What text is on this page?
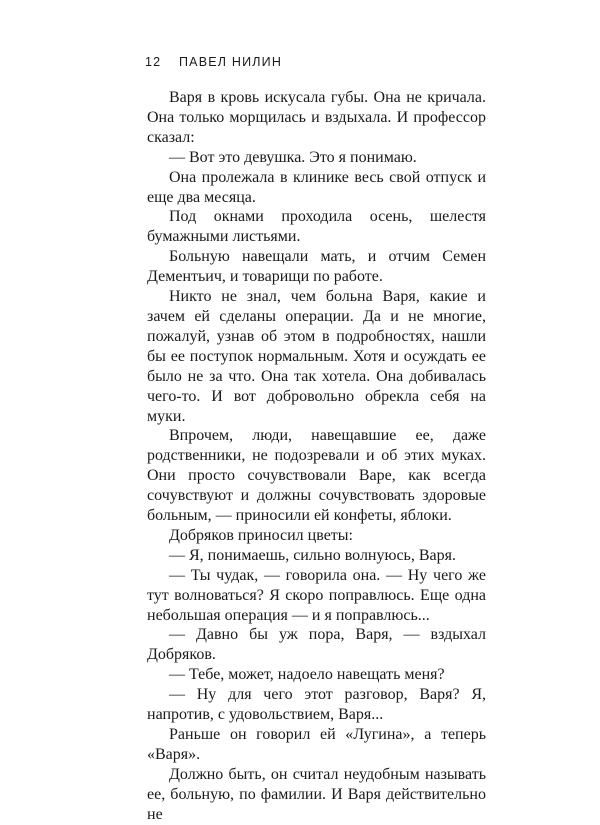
12 ПАВЕЛ НИЛИН

Варя в кровь искусала губы. Она не кричала. Она только морщилась и вздыхала. И профессор сказал:

— Вот это девушка. Это я понимаю.

Она пролежала в клинике весь свой отпуск и еще два месяца.

Под окнами проходила осень, шелестя бумажными листьями.

Больную навещали мать, и отчим Семен Дементьич, и товарищи по работе.

Никто не знал, чем больна Варя, какие и зачем ей сделаны операции. Да и не многие, пожалуй, узнав об этом в подробностях, нашли бы ее поступок нормальным. Хотя и осуждать ее было не за что. Она так хотела. Она добивалась чего-то. И вот добровольно обрекла себя на муки.

Впрочем, люди, навещавшие ее, даже родственники, не подозревали и об этих муках. Они просто сочувствовали Варе, как всегда сочувствуют и должны сочувствовать здоровые больным, — приносили ей конфеты, яблоки.

Добряков приносил цветы:

— Я, понимаешь, сильно волнуюсь, Варя.

— Ты чудак, — говорила она. — Ну чего же тут волноваться? Я скоро поправлюсь. Еще одна небольшая операция — и я поправлюсь...

— Давно бы уж пора, Варя, — вздыхал Добряков.

— Тебе, может, надоело навещать меня?

— Ну для чего этот разговор, Варя? Я, напротив, с удовольствием, Варя...

Раньше он говорил ей «Лугина», а теперь «Варя».

Должно быть, он считал неудобным называть ее, больную, по фамилии. И Варя действительно не
